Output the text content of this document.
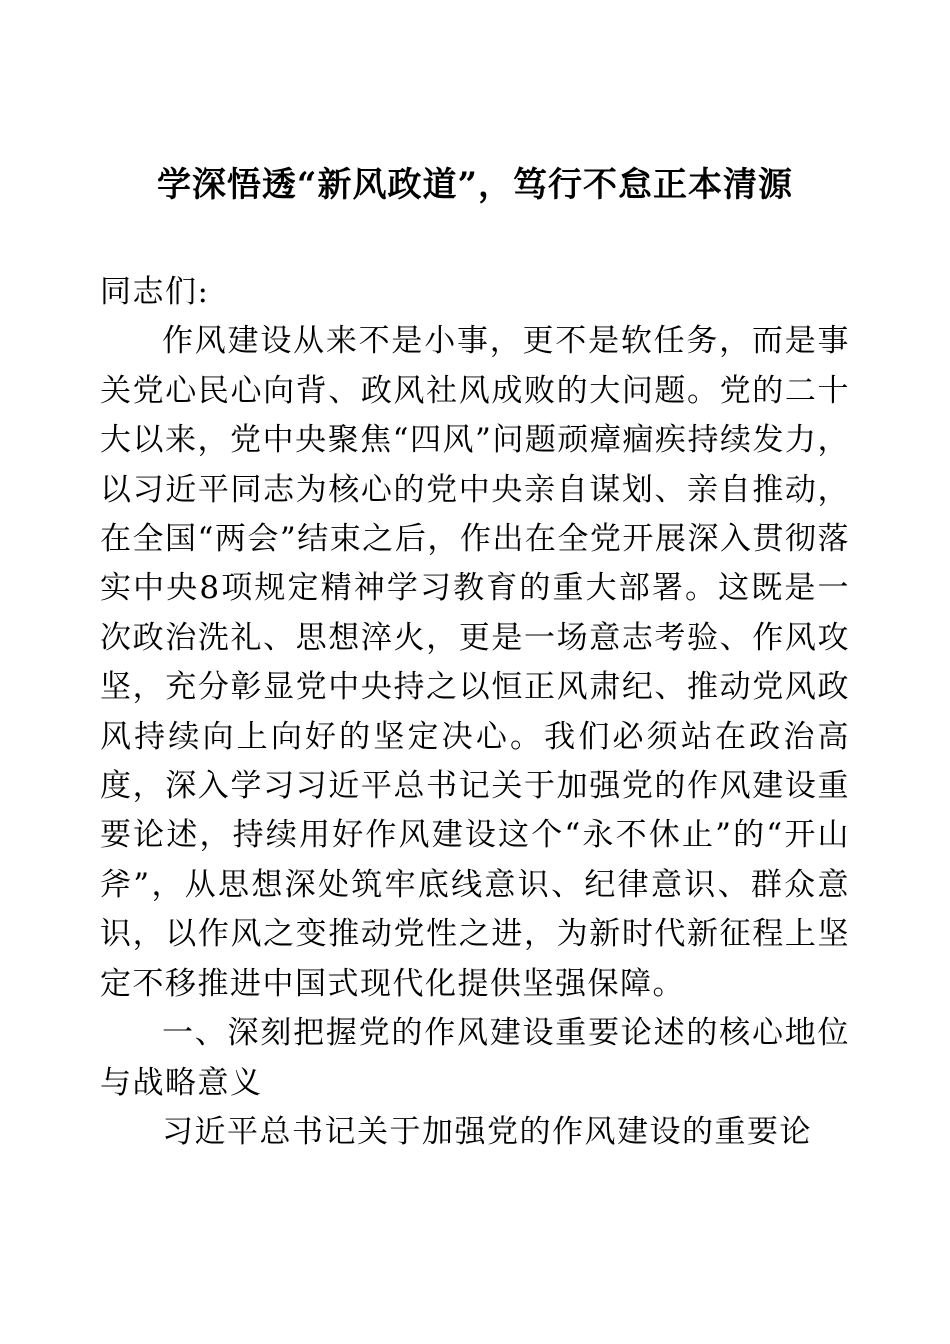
学深悟透“新风政道”，笃行不怠正本清源

同志们:

作风建设从来不是小事，更不是软任务，而是事关党心民心向背、政风社风成败的大问题。党的二十大以来，党中央聚焦“四风”问题顽瘴痼疾持续发力，以习近平同志为核心的党中央亲自谋划、亲自推动，在全国“两会”结束之后，作出在全党开展深入贯彻落实中央8项规定精神学习教育的重大部署。这既是一次政治洗礼、思想淬火，更是一场意志考验、作风攻坚，充分彰显党中央持之以恒正风肃纪、推动党风政风持续向上向好的坚定决心。我们必须站在政治高度，深入学习习近平总书记关于加强党的作风建设重要论述，持续用好作风建设这个“永不休止”的“开山斧”，从思想深处筑牢底线意识、纪律意识、群众意识，以作风之变推动党性之进，为新时代新征程上坚定不移推进中国式现代化提供坚强保障。

一、深刻把握党的作风建设重要论述的核心地位与战略意义

习近平总书记关于加强党的作风建设的重要论
